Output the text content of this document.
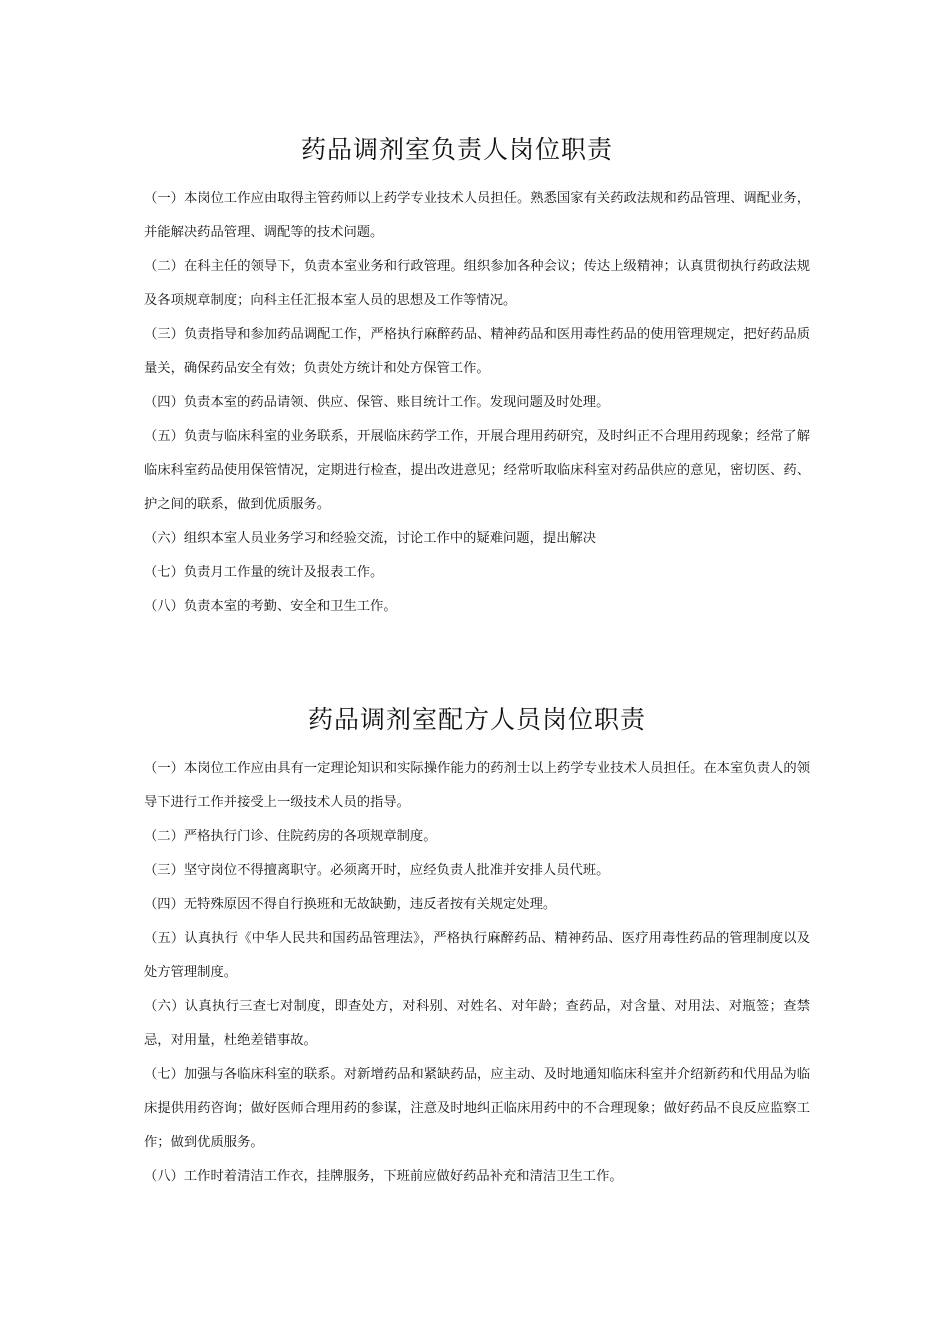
药品调剂室负责人岗位职责
（一）本岗位工作应由取得主管药师以上药学专业技术人员担任。熟悉国家有关药政法规和药品管理、调配业务，并能解决药品管理、调配等的技术问题。
（二）在科主任的领导下，负责本室业务和行政管理。组织参加各种会议；传达上级精神；认真贯彻执行药政法规及各项规章制度；向科主任汇报本室人员的思想及工作等情况。
（三）负责指导和参加药品调配工作，严格执行麻醉药品、精神药品和医用毒性药品的使用管理规定，把好药品质量关，确保药品安全有效；负责处方统计和处方保管工作。
（四）负责本室的药品请领、供应、保管、账目统计工作。发现问题及时处理。
（五）负责与临床科室的业务联系，开展临床药学工作，开展合理用药研究，及时纠正不合理用药现象；经常了解临床科室药品使用保管情况，定期进行检查，提出改进意见；经常听取临床科室对药品供应的意见，密切医、药、护之间的联系，做到优质服务。
（六）组织本室人员业务学习和经验交流，讨论工作中的疑难问题，提出解决
（七）负责月工作量的统计及报表工作。
（八）负责本室的考勤、安全和卫生工作。
药品调剂室配方人员岗位职责
（一）本岗位工作应由具有一定理论知识和实际操作能力的药剂士以上药学专业技术人员担任。在本室负责人的领导下进行工作并接受上一级技术人员的指导。
（二）严格执行门诊、住院药房的各项规章制度。
（三）坚守岗位不得擅离职守。必须离开时，应经负责人批准并安排人员代班。
（四）无特殊原因不得自行换班和无故缺勤，违反者按有关规定处理。
（五）认真执行《中华人民共和国药品管理法》，严格执行麻醉药品、精神药品、医疗用毒性药品的管理制度以及处方管理制度。
（六）认真执行三查七对制度，即查处方，对科别、对姓名、对年龄；查药品，对含量、对用法、对瓶签；查禁忌，对用量，杜绝差错事故。
（七）加强与各临床科室的联系。对新增药品和紧缺药品，应主动、及时地通知临床科室并介绍新药和代用品为临床提供用药咨询；做好医师合理用药的参谋，注意及时地纠正临床用药中的不合理现象；做好药品不良反应监察工作；做到优质服务。
（八）工作时着清洁工作衣，挂牌服务，下班前应做好药品补充和清洁卫生工作。
